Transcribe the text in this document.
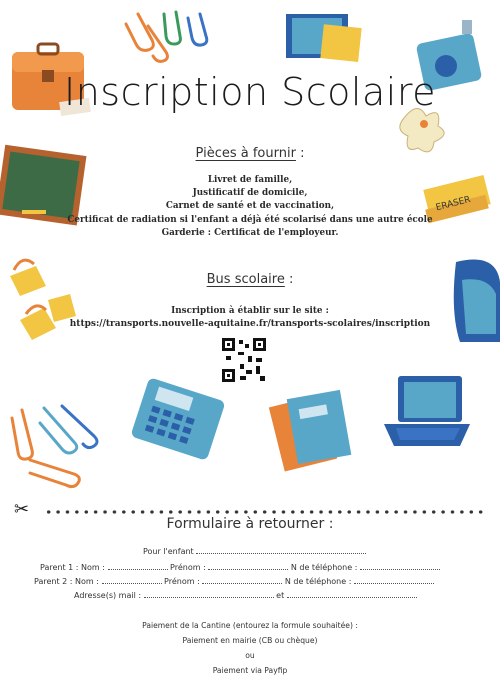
ERASER
Inscription Scolaire
Pièces à fournir :
Livret de famille,
Justificatif de domicile,
Carnet de santé et de vaccination,
Certificat de radiation si l'enfant a déjà été scolarisé dans une autre école
Garderie : Certificat de l'employeur.
Bus scolaire :
Inscription à établir sur le site :
https://transports.nouvelle-aquitaine.fr/transports-scolaires/inscription
✂
Formulaire à retourner :
Pour l'enfant
Parent 1 : Nom :	Prénom :	N de téléphone :
Parent 2 : Nom :	Prénom :	N de téléphone :
Adresse(s) mail :	et
Paiement de la Cantine (entourez la formule souhaitée) :
Paiement en mairie (CB ou chèque)
ou
Paiement via Payfip
